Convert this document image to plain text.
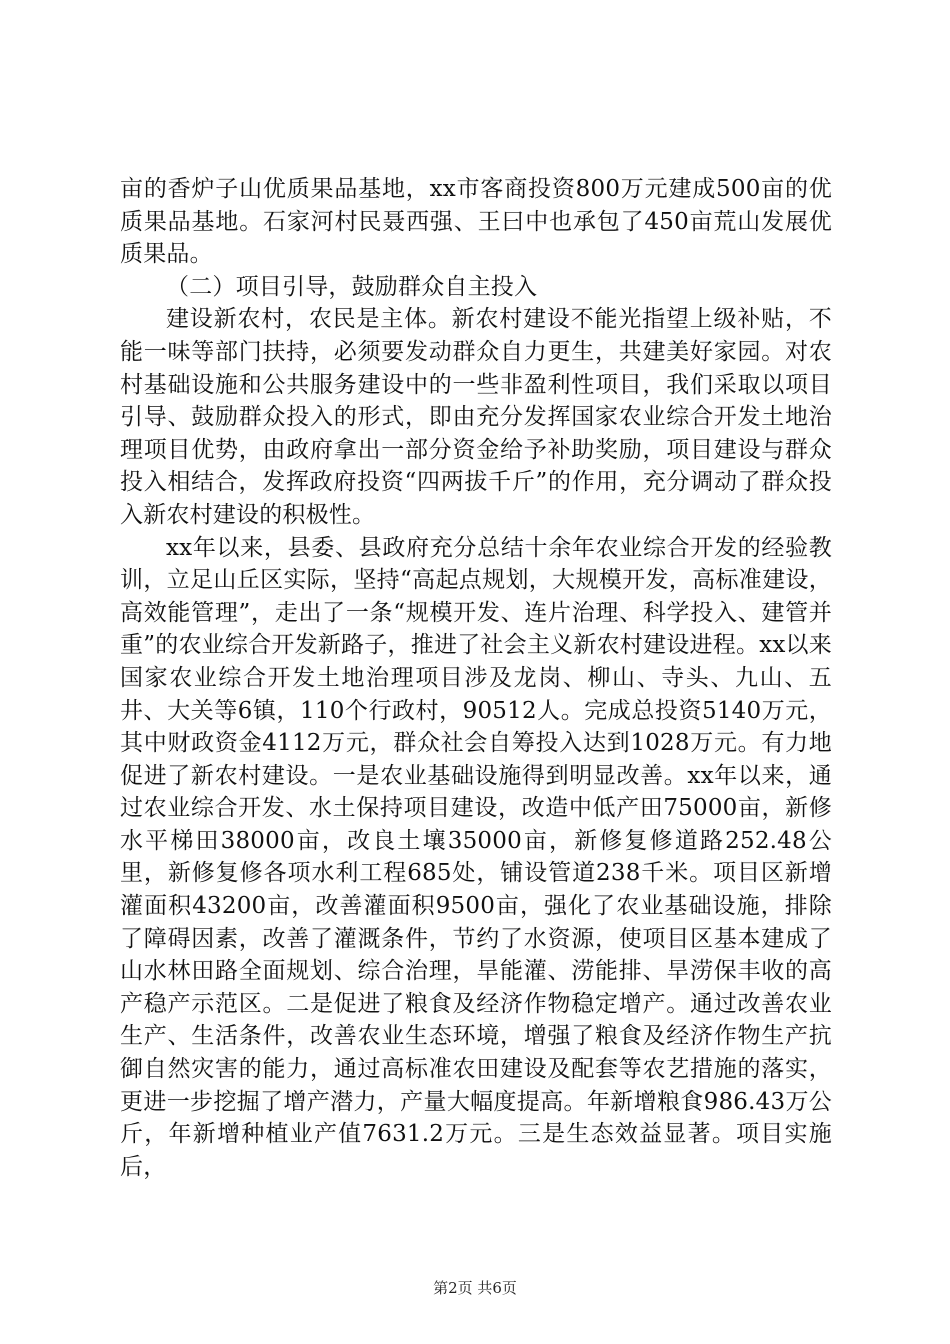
亩的香炉子山优质果品基地，xx市客商投资800万元建成500亩的优质果品基地。石家河村民聂西强、王曰中也承包了450亩荒山发展优质果品。

（二）项目引导，鼓励群众自主投入

建设新农村，农民是主体。新农村建设不能光指望上级补贴，不能一味等部门扶持，必须要发动群众自力更生，共建美好家园。对农村基础设施和公共服务建设中的一些非盈利性项目，我们采取以项目引导、鼓励群众投入的形式，即由充分发挥国家农业综合开发土地治理项目优势，由政府拿出一部分资金给予补助奖励，项目建设与群众投入相结合，发挥政府投资“四两拔千斤”的作用，充分调动了群众投入新农村建设的积极性。

xx年以来，县委、县政府充分总结十余年农业综合开发的经验教训，立足山丘区实际，坚持“高起点规划，大规模开发，高标准建设，高效能管理”，走出了一条“规模开发、连片治理、科学投入、建管并重”的农业综合开发新路子，推进了社会主义新农村建设进程。xx以来国家农业综合开发土地治理项目涉及龙岗、柳山、寺头、九山、五井、大关等6镇，110个行政村，90512人。完成总投资5140万元，其中财政资金4112万元，群众社会自筹投入达到1028万元。有力地促进了新农村建设。一是农业基础设施得到明显改善。xx年以来，通过农业综合开发、水土保持项目建设，改造中低产田75000亩，新修水平梯田38000亩，改良土壤35000亩，新修复修道路252.48公里，新修复修各项水利工程685处，铺设管道238千米。项目区新增灌面积43200亩，改善灌面积9500亩，强化了农业基础设施，排除了障碍因素，改善了灌溉条件，节约了水资源，使项目区基本建成了山水林田路全面规划、综合治理，旱能灌、涝能排、旱涝保丰收的高产稳产示范区。二是促进了粮食及经济作物稳定增产。通过改善农业生产、生活条件，改善农业生态环境，增强了粮食及经济作物生产抗御自然灾害的能力，通过高标准农田建设及配套等农艺措施的落实，更进一步挖掘了增产潜力，产量大幅度提高。年新增粮食986.43万公斤，年新增种植业产值7631.2万元。三是生态效益显著。项目实施后，

第2页 共6页
